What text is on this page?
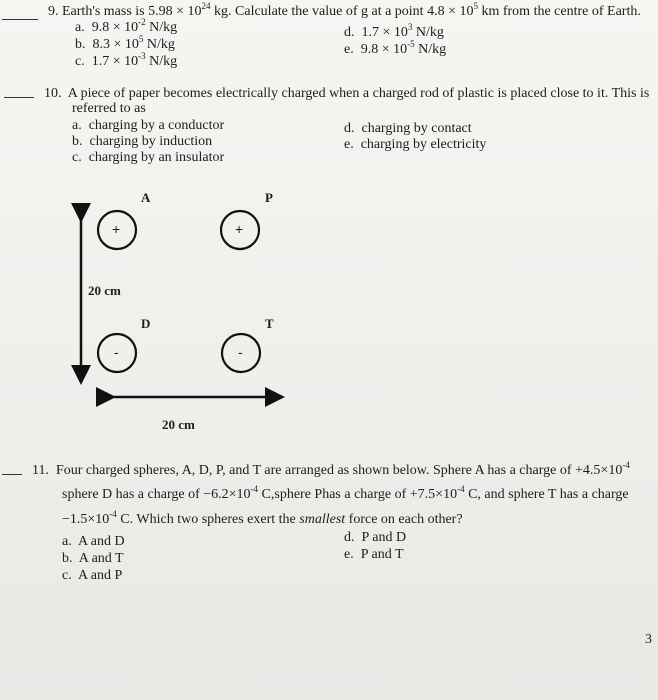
9. Earth's mass is $5.98 \times 10^{24}$ kg. Calculate the value of g at a point $4.8 \times 10^5$ km from the centre of Earth.
a. $9.8 \times 10^{-2}$ N/kg
b. $8.3 \times 10^5$ N/kg
c. $1.7 \times 10^{-3}$ N/kg
d. $1.7 \times 10^3$ N/kg
e. $9.8 \times 10^{-5}$ N/kg
10. A piece of paper becomes electrically charged when a charged rod of plastic is placed close to it. This is
referred to as
a. charging by a conductor
b. charging by induction
c. charging by an insulator
d. charging by contact
e. charging by electricity
A	P
D	T
+	+
-	-
20 cm
20 cm
11. Four charged spheres, A, D, P, and T are arranged as shown below. Sphere A has a charge of $+4.5\times 10^{-4}$
sphere D has a charge of $-6.2\times 10^{-4}$ C,sphere Phas a charge of $+7.5\times 10^{-4}$ C, and sphere T has a charge
$-1.5\times 10^{-4}$ C. Which two spheres exert the smallest force on each other?
a. A and D
b. A and T
c. A and P
d. P and D
e. P and T
3
